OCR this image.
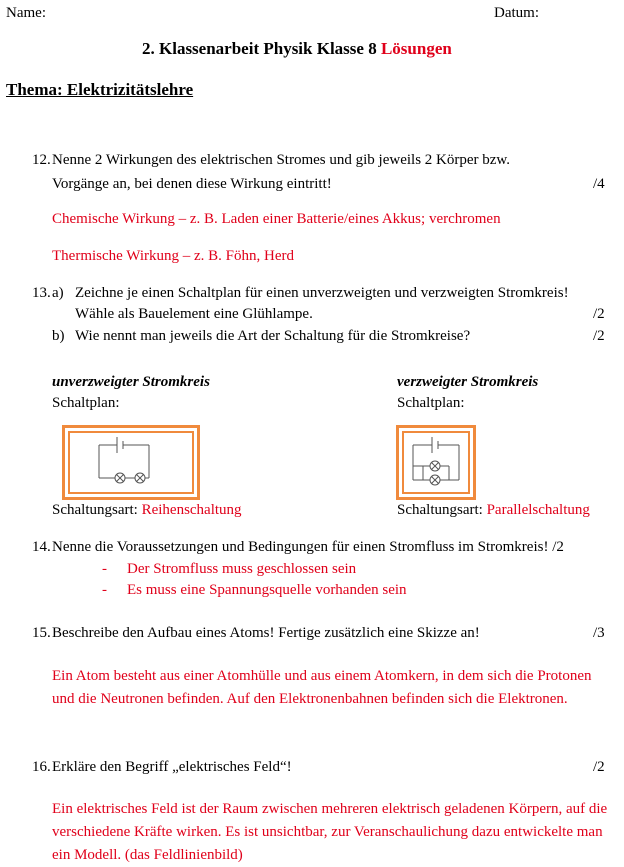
Name:	Datum:
2. Klassenarbeit Physik Klasse 8 Lösungen
Thema: Elektrizitätslehre
12. Nenne 2 Wirkungen des elektrischen Stromes und gib jeweils 2 Körper bzw.
Vorgänge an, bei denen diese Wirkung eintritt!	/4
Chemische Wirkung – z. B. Laden einer Batterie/eines Akkus; verchromen
Thermische Wirkung – z. B. Föhn, Herd
13. a) Zeichne je einen Schaltplan für einen unverzweigten und verzweigten Stromkreis!
Wähle als Bauelement eine Glühlampe.	/2
b) Wie nennt man jeweils die Art der Schaltung für die Stromkreise?	/2
unverzweigter Stromkreis
Schaltplan:
Schaltungsart: Reihenschaltung
verzweigter Stromkreis
Schaltplan:
Schaltungsart: Parallelschaltung
14. Nenne die Voraussetzungen und Bedingungen für einen Stromfluss im Stromkreis! /2
- Der Stromfluss muss geschlossen sein
- Es muss eine Spannungsquelle vorhanden sein
15. Beschreibe den Aufbau eines Atoms! Fertige zusätzlich eine Skizze an!	/3
Ein Atom besteht aus einer Atomhülle und aus einem Atomkern, in dem sich die Protonen und die Neutronen befinden. Auf den Elektronenbahnen befinden sich die Elektronen.
16. Erkläre den Begriff „elektrisches Feld“!	/2
Ein elektrisches Feld ist der Raum zwischen mehreren elektrisch geladenen Körpern, auf die verschiedene Kräfte wirken. Es ist unsichtbar, zur Veranschaulichung dazu entwickelte man ein Modell. (das Feldlinienbild)
